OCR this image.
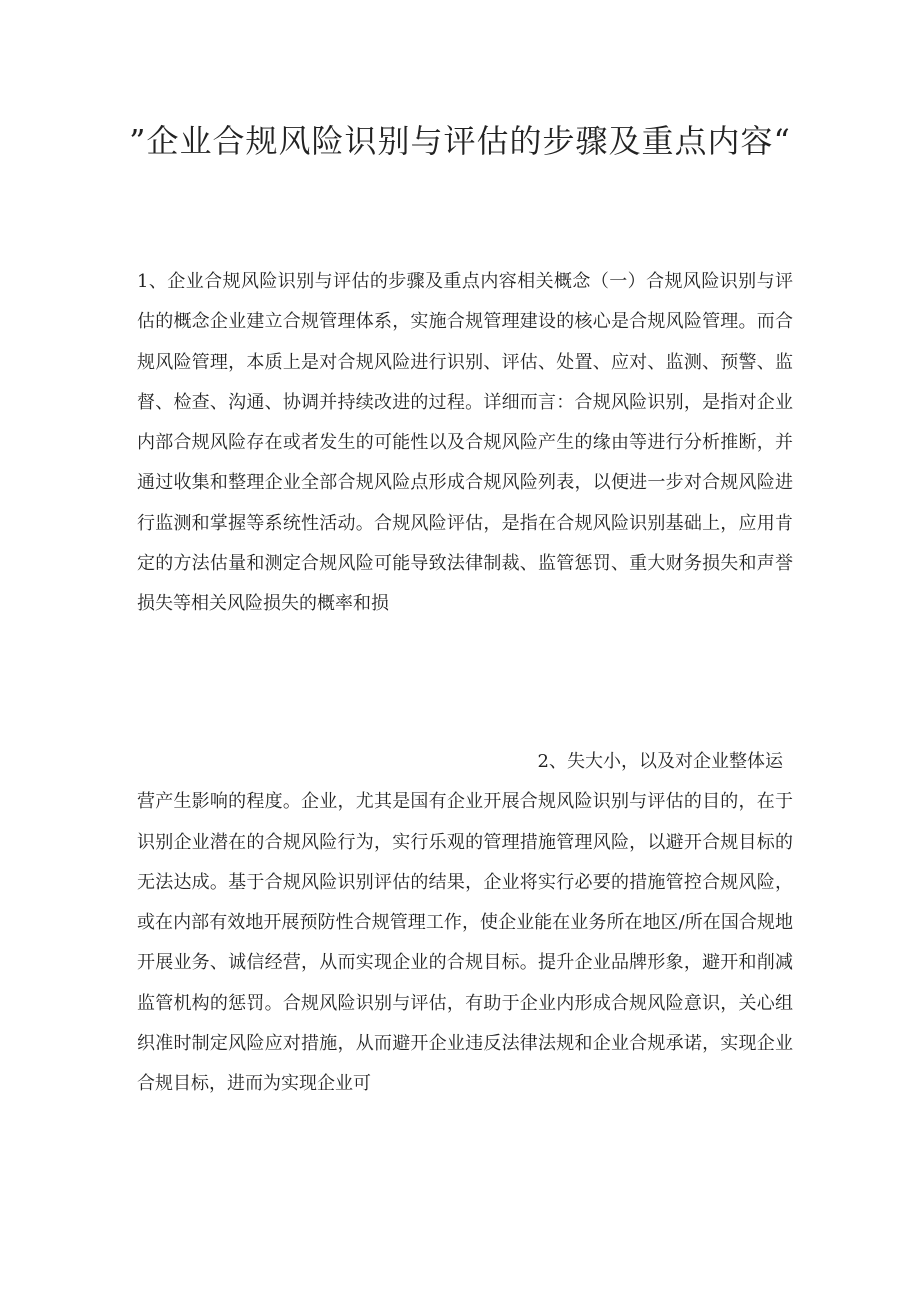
”企业合规风险识别与评估的步骤及重点内容“

1、企业合规风险识别与评估的步骤及重点内容相关概念（一）合规风险识别与评估的概念企业建立合规管理体系，实施合规管理建设的核心是合规风险管理。而合规风险管理，本质上是对合规风险进行识别、评估、处置、应对、监测、预警、监督、检查、沟通、协调并持续改进的过程。详细而言：合规风险识别，是指对企业内部合规风险存在或者发生的可能性以及合规风险产生的缘由等进行分析推断，并通过收集和整理企业全部合规风险点形成合规风险列表，以便进一步对合规风险进行监测和掌握等系统性活动。合规风险评估，是指在合规风险识别基础上，应用肯定的方法估量和测定合规风险可能导致法律制裁、监管惩罚、重大财务损失和声誉损失等相关风险损失的概率和损

2、失大小，以及对企业整体运
营产生影响的程度。企业，尤其是国有企业开展合规风险识别与评估的目的，在于识别企业潜在的合规风险行为，实行乐观的管理措施管理风险，以避开合规目标的无法达成。基于合规风险识别评估的结果，企业将实行必要的措施管控合规风险，或在内部有效地开展预防性合规管理工作，使企业能在业务所在地区/所在国合规地开展业务、诚信经营，从而实现企业的合规目标。提升企业品牌形象，避开和削减监管机构的惩罚。合规风险识别与评估，有助于企业内形成合规风险意识，关心组织准时制定风险应对措施，从而避开企业违反法律法规和企业合规承诺，实现企业合规目标，进而为实现企业可
